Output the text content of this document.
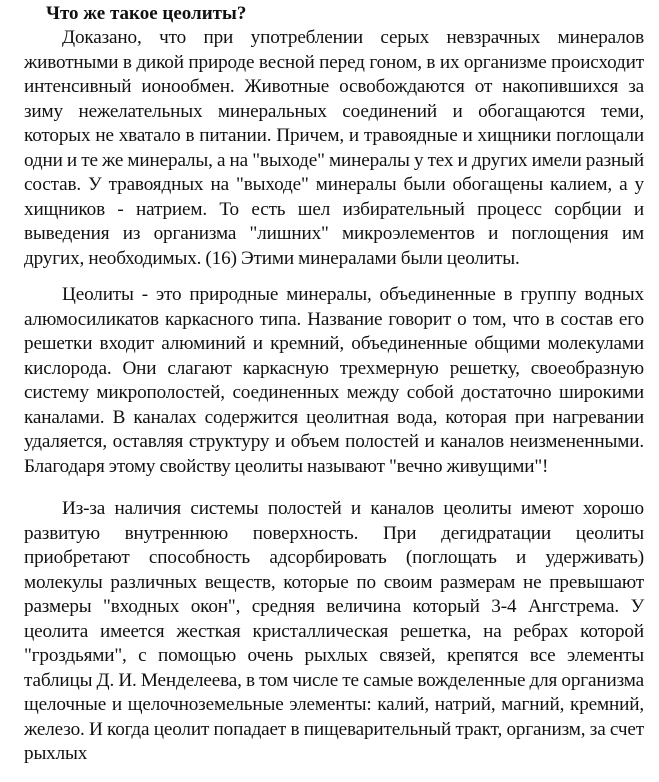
Что же такое цеолиты?

Доказано, что при употреблении серых невзрачных минералов животными в дикой природе весной перед гоном, в их организме происходит интенсивный ионообмен. Животные освобождаются от накопившихся за зиму нежелательных минеральных соединений и обогащаются теми, которых не хватало в питании. Причем, и травоядные и хищники поглощали одни и те же минералы, а на "выходе" минералы у тех и других имели разный состав. У травоядных на "выходе" минералы были обогащены калием, а у хищников - натрием. То есть шел избирательный процесс сорбции и выведения из организма "лишних" микроэлементов и поглощения им других, необходимых. (16) Этими минералами были цеолиты.

Цеолиты - это природные минералы, объединенные в группу водных алюмосиликатов каркасного типа. Название говорит о том, что в состав его решетки входит алюминий и кремний, объединенные общими молекулами кислорода. Они слагают каркасную трехмерную решетку, своеобразную систему микрополостей, соединенных между собой достаточно широкими каналами. В каналах содержится цеолитная вода, которая при нагревании удаляется, оставляя структуру и объем полостей и каналов неизмененными. Благодаря этому свойству цеолиты называют "вечно живущими"!

Из-за наличия системы полостей и каналов цеолиты имеют хорошо развитую внутреннюю поверхность. При дегидратации цеолиты приобретают способность адсорбировать (поглощать и удерживать) молекулы различных веществ, которые по своим размерам не превышают размеры "входных окон", средняя величина который 3-4 Ангстрема. У цеолита имеется жесткая кристаллическая решетка, на ребрах которой "гроздьями", с помощью очень рыхлых связей, крепятся все элементы таблицы Д. И. Менделеева, в том числе те самые вожделенные для организма щелочные и щелочноземельные элементы: калий, натрий, магний, кремний, железо. И когда цеолит попадает в пищеварительный тракт, организм, за счет рыхлых
